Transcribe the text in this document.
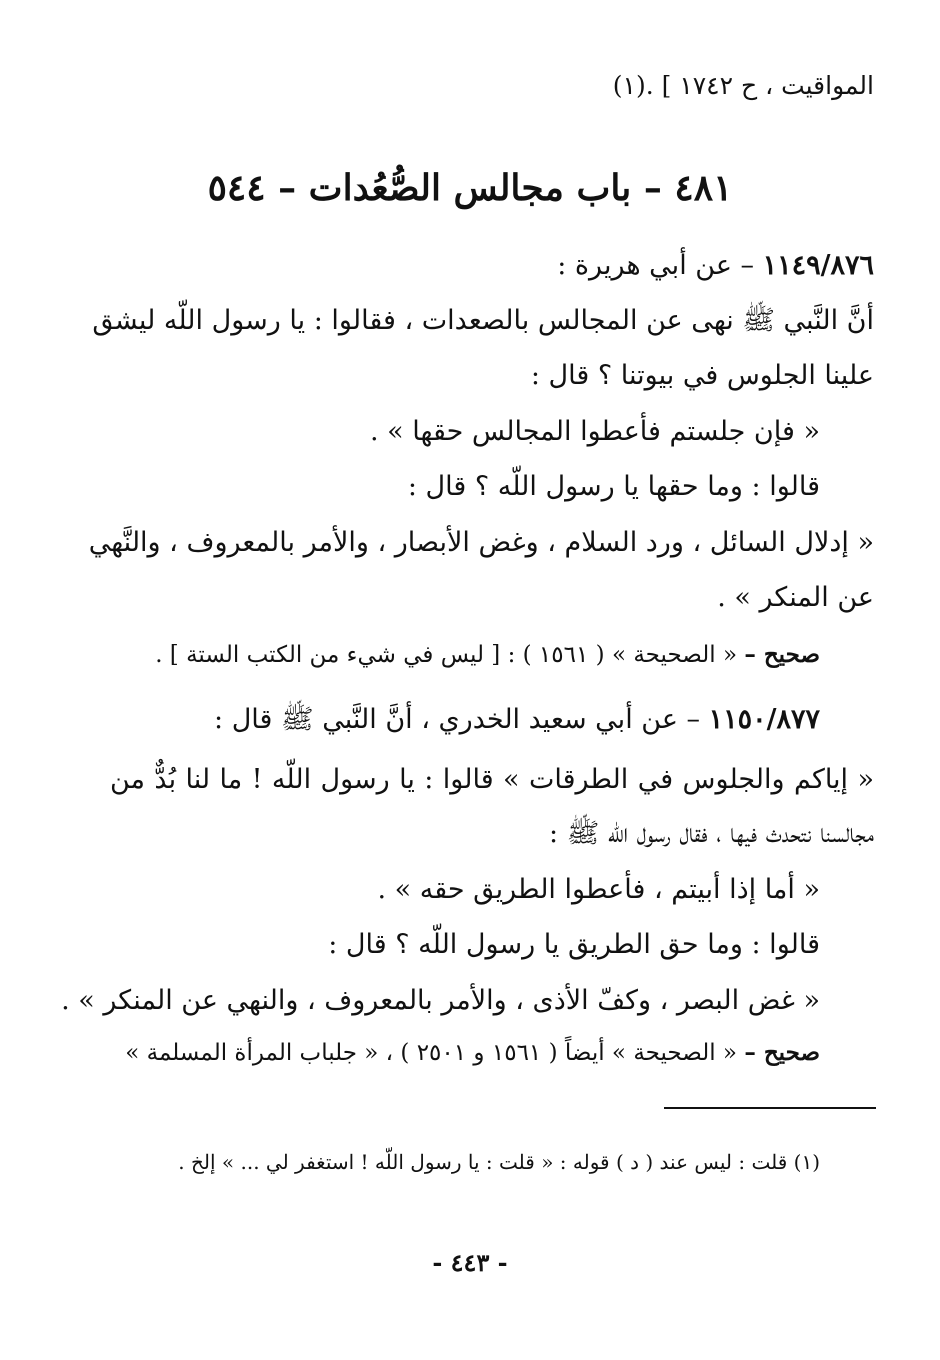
المواقيت ، ح ١٧٤٢ ] .(١)
٤٨١ – باب مجالس الصُّعُدات – ٥٤٤
١١٤٩/٨٧٦ – عن أبي هريرة :
أنَّ النَّبي ﷺ نهى عن المجالس بالصعدات ، فقالوا : يا رسول اللّه ليشق
علينا الجلوس في بيوتنا ؟ قال :
« فإن جلستم فأعطوا المجالس حقها » .
قالوا : وما حقها يا رسول اللّه ؟ قال :
« إدلال السائل ، ورد السلام ، وغض الأبصار ، والأمر بالمعروف ، والنَّهي
عن المنكر » .
صحيح – « الصحيحة » ( ١٥٦١ ) : [ ليس في شيء من الكتب الستة ] .
١١٥٠/٨٧٧ – عن أبي سعيد الخدري ، أنَّ النَّبي ﷺ قال :
« إياكم والجلوس في الطرقات » قالوا : يا رسول اللّه ! ما لنا بُدٌّ من
مجالسنا نتحدث فيها ، فقال رسول اللّه ﷺ :
« أما إذا أبيتم ، فأعطوا الطريق حقه » .
قالوا : وما حق الطريق يا رسول اللّه ؟ قال :
« غض البصر ، وكفّ الأذى ، والأمر بالمعروف ، والنهي عن المنكر » .
صحيح – « الصحيحة » أيضاً ( ١٥٦١ و ٢٥٠١ ) ، « جلباب المرأة المسلمة »
(١) قلت : ليس عند ( د ) قوله : « قلت : يا رسول اللّه ! استغفر لي ... » إلخ .
- ٤٤٣ -
